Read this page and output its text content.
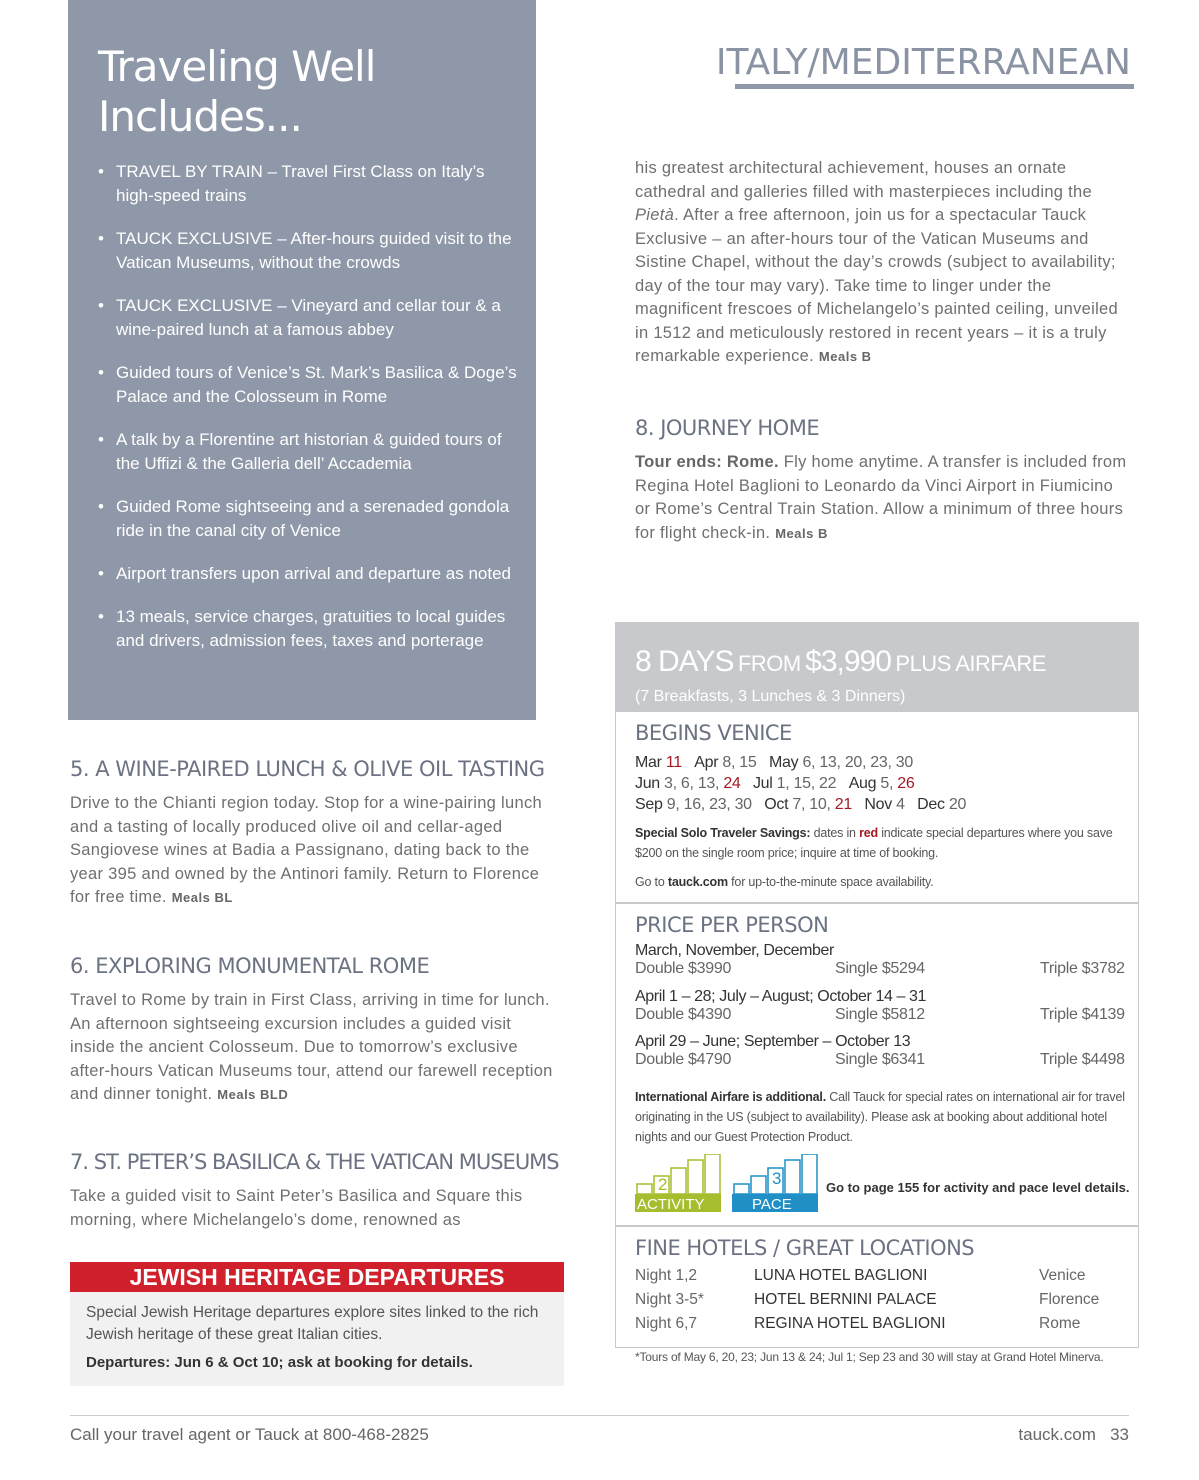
Traveling Well
Includes...
• TRAVEL BY TRAIN – Travel First Class on Italy’s high-speed trains
• TAUCK EXCLUSIVE – After-hours guided visit to the Vatican Museums, without the crowds
• TAUCK EXCLUSIVE – Vineyard and cellar tour & a wine-paired lunch at a famous abbey
• Guided tours of Venice’s St. Mark’s Basilica & Doge’s Palace and the Colosseum in Rome
• A talk by a Florentine art historian & guided tours of the Uffizi & the Galleria dell’ Accademia
• Guided Rome sightseeing and a serenaded gondola ride in the canal city of Venice
• Airport transfers upon arrival and departure as noted
• 13 meals, service charges, gratuities to local guides and drivers, admission fees, taxes and porterage
ITALY/MEDITERRANEAN
his greatest architectural achievement, houses an ornate cathedral and galleries filled with masterpieces including the Pietà. After a free afternoon, join us for a spectacular Tauck Exclusive – an after-hours tour of the Vatican Museums and Sistine Chapel, without the day’s crowds (subject to availability; day of the tour may vary). Take time to linger under the magnificent frescoes of Michelangelo’s painted ceiling, unveiled in 1512 and meticulously restored in recent years – it is a truly remarkable experience. Meals B
8. JOURNEY HOME
Tour ends: Rome. Fly home anytime. A transfer is included from Regina Hotel Baglioni to Leonardo da Vinci Airport in Fiumicino or Rome’s Central Train Station. Allow a minimum of three hours for flight check-in. Meals B
5. A WINE-PAIRED LUNCH & OLIVE OIL TASTING
Drive to the Chianti region today. Stop for a wine-pairing lunch and a tasting of locally produced olive oil and cellar-aged Sangiovese wines at Badia a Passignano, dating back to the year 395 and owned by the Antinori family. Return to Florence for free time. Meals BL
6. EXPLORING MONUMENTAL ROME
Travel to Rome by train in First Class, arriving in time for lunch. An afternoon sightseeing excursion includes a guided visit inside the ancient Colosseum. Due to tomorrow’s exclusive after-hours Vatican Museums tour, attend our farewell reception and dinner tonight. Meals BLD
7. ST. PETER’S BASILICA & THE VATICAN MUSEUMS
Take a guided visit to Saint Peter’s Basilica and Square this morning, where Michelangelo’s dome, renowned as
JEWISH HERITAGE DEPARTURES
Special Jewish Heritage departures explore sites linked to the rich Jewish heritage of these great Italian cities.
Departures: Jun 6 & Oct 10; ask at booking for details.
8 DAYS FROM $3,990 PLUS AIRFARE
(7 Breakfasts, 3 Lunches & 3 Dinners)
BEGINS VENICE
Mar 11 Apr 8, 15 May 6, 13, 20, 23, 30
Jun 3, 6, 13, 24 Jul 1, 15, 22 Aug 5, 26
Sep 9, 16, 23, 30 Oct 7, 10, 21 Nov 4 Dec 20
Special Solo Traveler Savings: dates in red indicate special departures where you save $200 on the single room price; inquire at time of booking.
Go to tauck.com for up-to-the-minute space availability.
PRICE PER PERSON
March, November, December
Double $3990	Single $5294	Triple $3782
April 1 – 28; July – August; October 14 – 31
Double $4390	Single $5812	Triple $4139
April 29 – June; September – October 13
Double $4790	Single $6341	Triple $4498
International Airfare is additional. Call Tauck for special rates on international air for travel originating in the US (subject to availability). Please ask at booking about additional hotel nights and our Guest Protection Product.
2
ACTIVITY
3
PACE
Go to page 155 for activity and pace level details.
FINE HOTELS / GREAT LOCATIONS
Night 1,2	LUNA HOTEL BAGLIONI	Venice
Night 3-5*	HOTEL BERNINI PALACE	Florence
Night 6,7	REGINA HOTEL BAGLIONI	Rome
*Tours of May 6, 20, 23; Jun 13 & 24; Jul 1; Sep 23 and 30 will stay at Grand Hotel Minerva.
Call your travel agent or Tauck at 800-468-2825	tauck.com 33
